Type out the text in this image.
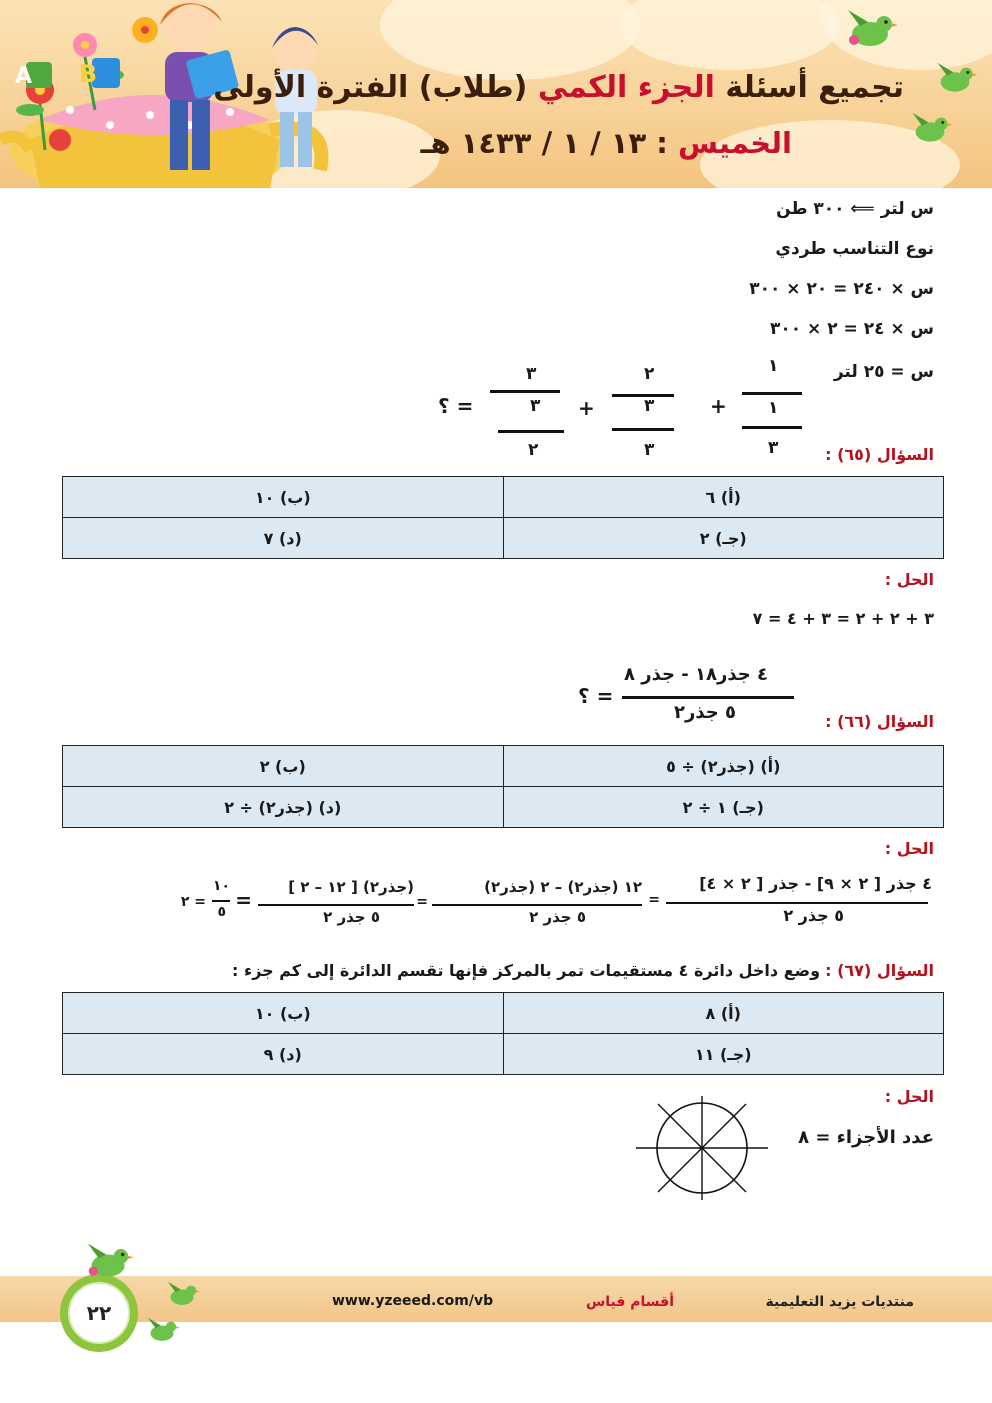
A B	تجميع أسئلة الجزء الكمي (طلاب) الفترة الأولى
الخميس : ١٣ / ١ / ١٤٣٣ هـ
س لتر ⟸ ٣٠٠ طن
نوع التناسب طردي
س × ٢٤٠ = ٢٠ × ٣٠٠
س × ٢٤ = ٢ × ٣٠٠
س = ٢٥ لتر
١
١
٣
+
٢
٣
٣
+
٣
٣
٢
= ؟
السؤال (٦٥) :
(أ) ٦	(ب) ١٠
(جـ) ٢	(د) ٧
الحل :
٣ + ٢ + ٢ = ٣ + ٤ = ٧
٤ جذر١٨ - جذر ٨
٥ جذر٢
= ؟
السؤال (٦٦) :
(أ) (جذر٢) ÷ ٥	(ب) ٢
(جـ) ١ ÷ ٢	(د) (جذر٢) ÷ ٢
الحل :
٤ جذر [ ٢ × ٩] - جذر [ ٢ × ٤]
٥ جذر ٢
=
١٢ (جذر٢) – ٢ (جذر٢)
٥ جذر ٢
=
(جذر٢) [ ١٢ – ٢ ]
٥ جذر ٢
=
١٠
٥
= ٢
السؤال (٦٧) : وضع داخل دائرة ٤ مستقيمات تمر بالمركز فإنها تقسم الدائرة إلى كم جزء :
(أ) ٨	(ب) ١٠
(جـ) ١١	(د) ٩
الحل :
عدد الأجزاء = ٨
منتديات يزيد التعليمية
أقسام قياس
www.yzeeed.com/vb
٢٢
